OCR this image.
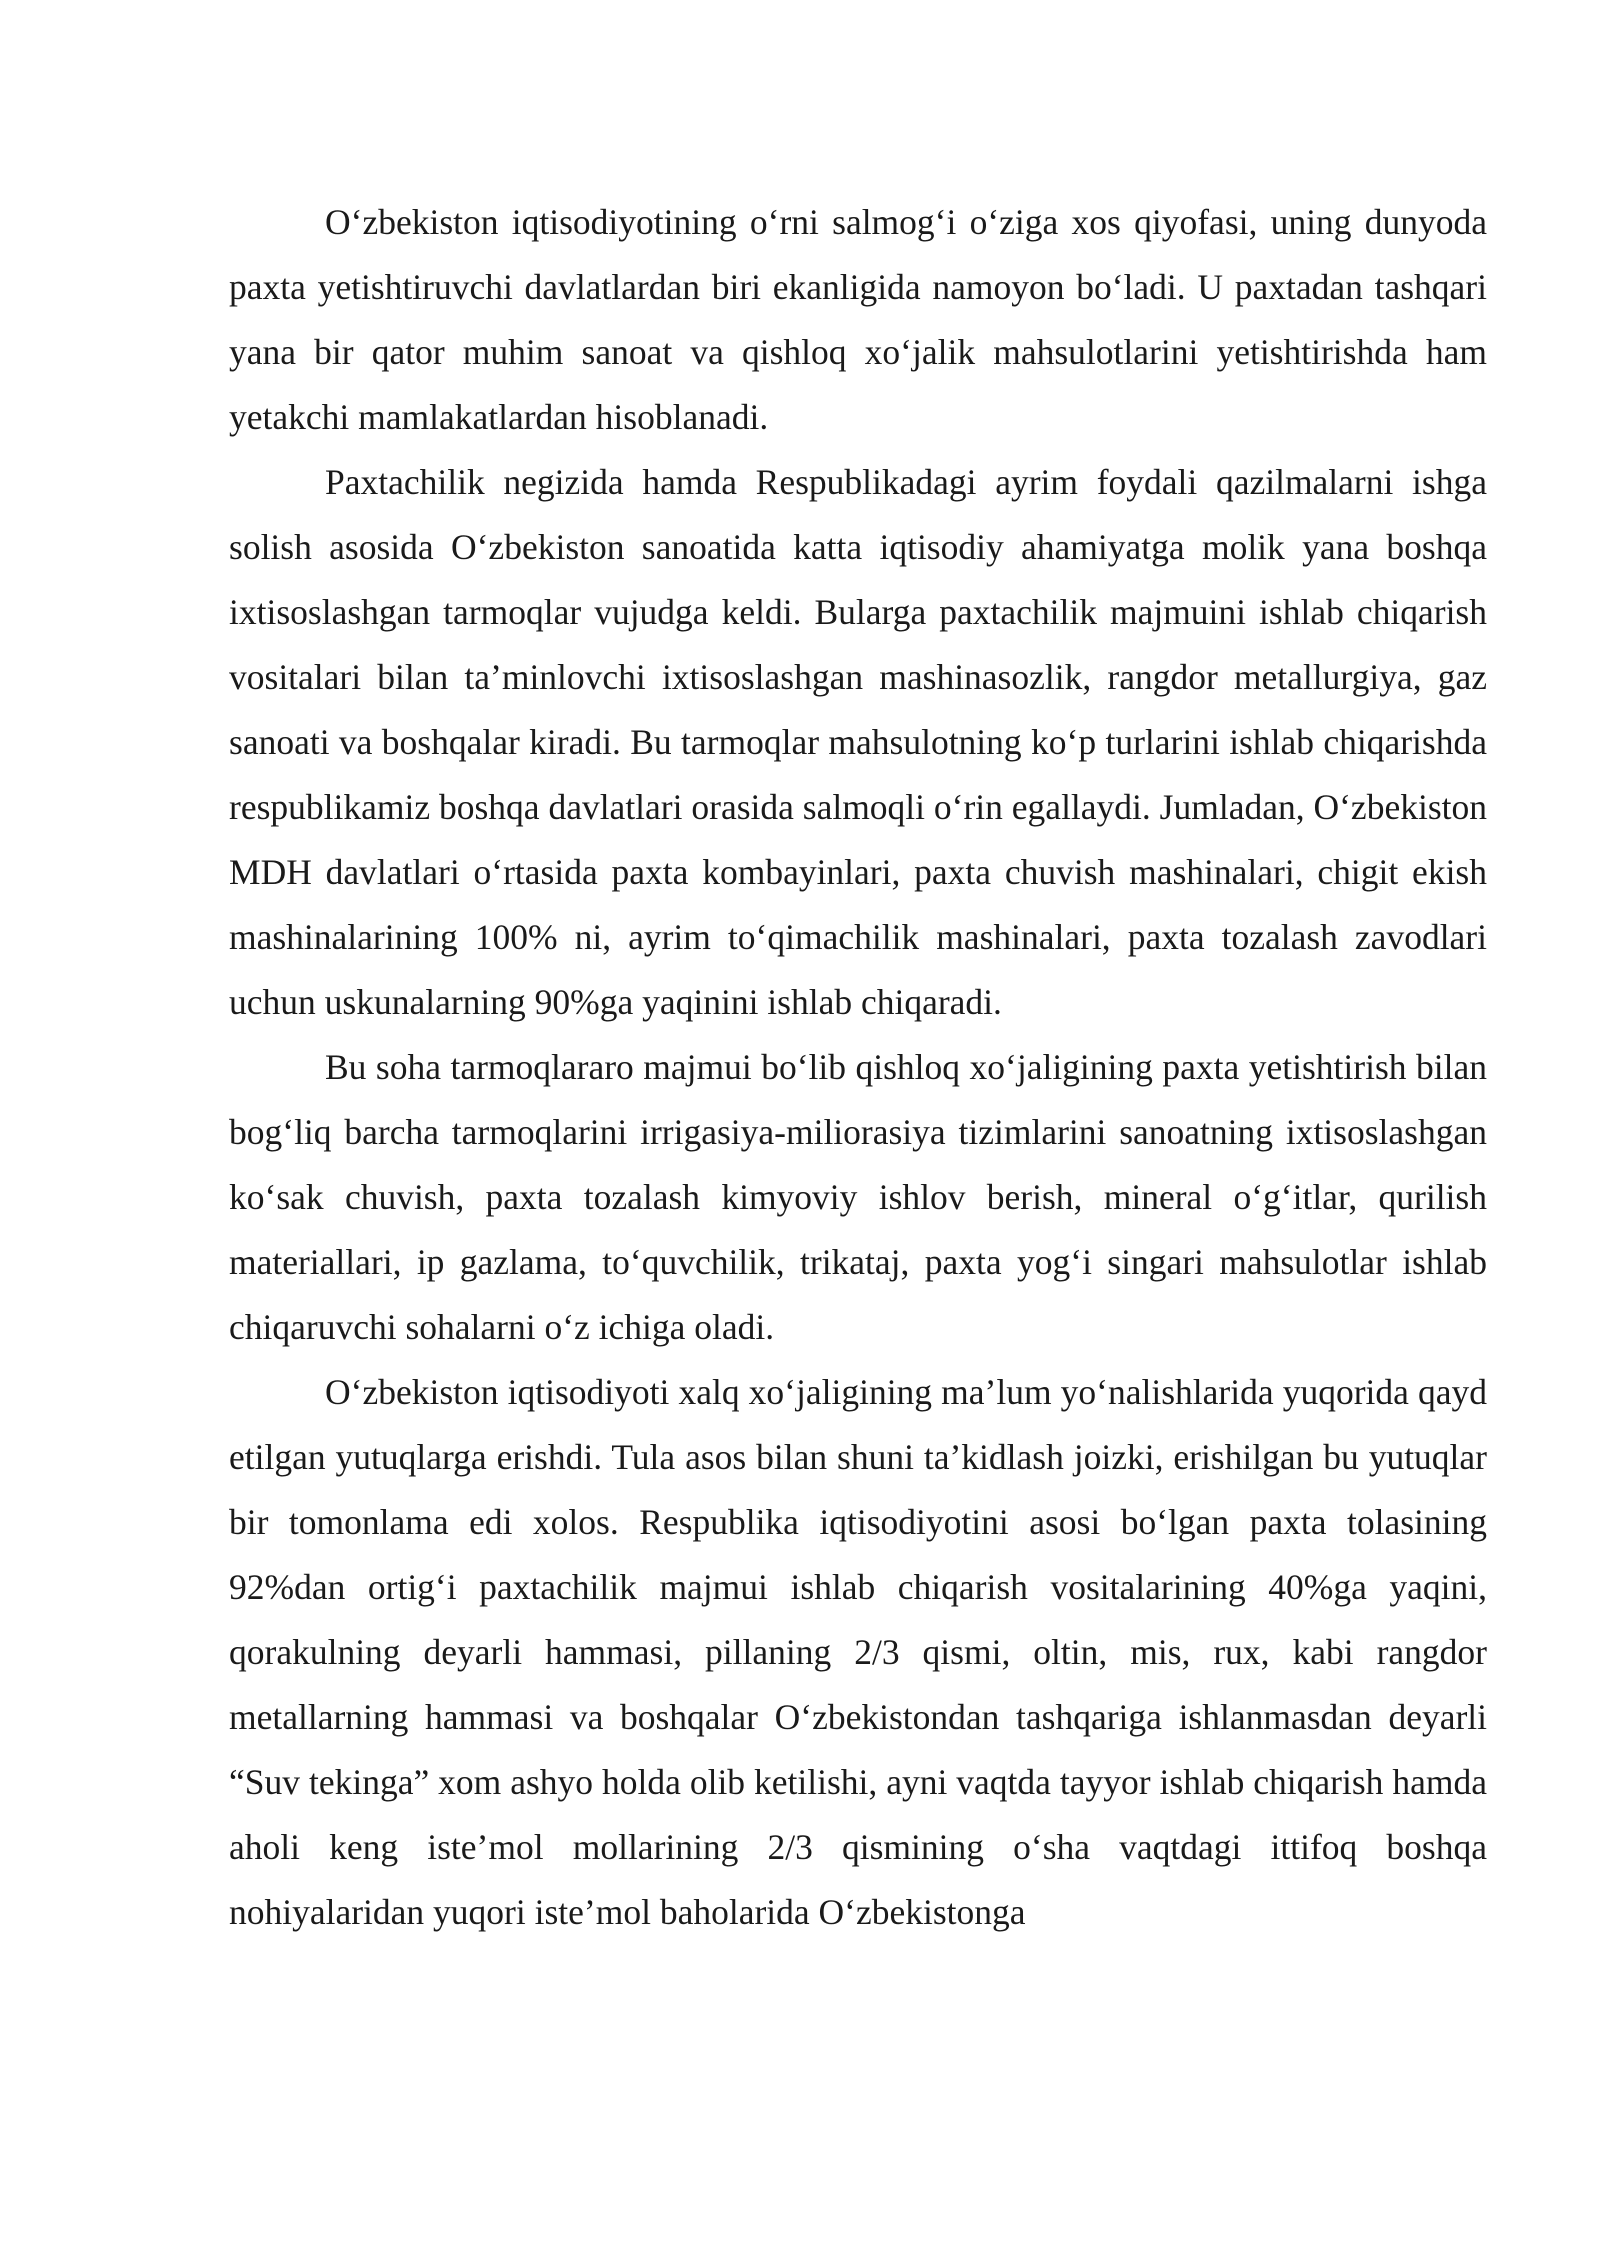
O‘zbekiston iqtisodiyotining o‘rni salmog‘i o‘ziga xos qiyofasi, uning dunyoda paxta yetishtiruvchi davlatlardan biri ekanligida namoyon bo‘ladi. U paxtadan tashqari yana bir qator muhim sanoat va qishloq xo‘jalik mahsulotlarini yetishtirishda ham yetakchi mamlakatlardan hisoblanadi.

Paxtachilik negizida hamda Respublikadagi ayrim foydali qazilmalarni ishga solish asosida O‘zbekiston sanoatida katta iqtisodiy ahamiyatga molik yana boshqa ixtisoslashgan tarmoqlar vujudga keldi. Bularga paxtachilik majmuini ishlab chiqarish vositalari bilan ta’minlovchi ixtisoslashgan mashinasozlik, rangdor metallurgiya, gaz sanoati va boshqalar kiradi. Bu tarmoqlar mahsulotning ko‘p turlarini ishlab chiqarishda respublikamiz boshqa davlatlari orasida salmoqli o‘rin egallaydi. Jumladan, O‘zbekiston MDH davlatlari o‘rtasida paxta kombayinlari, paxta chuvish mashinalari, chigit ekish mashinalarining 100% ni, ayrim to‘qimachilik mashinalari, paxta tozalash zavodlari uchun uskunalarning 90%ga yaqinini ishlab chiqaradi.

Bu soha tarmoqlararo majmui bo‘lib qishloq xo‘jaligining paxta yetishtirish bilan bog‘liq barcha tarmoqlarini irrigasiya-miliorasiya tizimlarini sanoatning ixtisoslashgan ko‘sak chuvish, paxta tozalash kimyoviy ishlov berish, mineral o‘g‘itlar, qurilish materiallari, ip gazlama, to‘quvchilik, trikataj, paxta yog‘i singari mahsulotlar ishlab chiqaruvchi sohalarni o‘z ichiga oladi.

O‘zbekiston iqtisodiyoti xalq xo‘jaligining ma’lum yo‘nalishlarida yuqorida qayd etilgan yutuqlarga erishdi. Tula asos bilan shuni ta’kidlash joizki, erishilgan bu yutuqlar bir tomonlama edi xolos. Respublika iqtisodiyotini asosi bo‘lgan paxta tolasining 92%dan ortig‘i paxtachilik majmui ishlab chiqarish vositalarining 40%ga yaqini, qorakulning deyarli hammasi, pillaning 2/3 qismi, oltin, mis, rux, kabi rangdor metallarning hammasi va boshqalar O‘zbekistondan tashqariga ishlanmasdan deyarli “Suv tekinga” xom ashyo holda olib ketilishi, ayni vaqtda tayyor ishlab chiqarish hamda aholi keng iste’mol mollarining 2/3 qismining o‘sha vaqtdagi ittifoq boshqa nohiyalaridan yuqori iste’mol baholarida O‘zbekistonga
